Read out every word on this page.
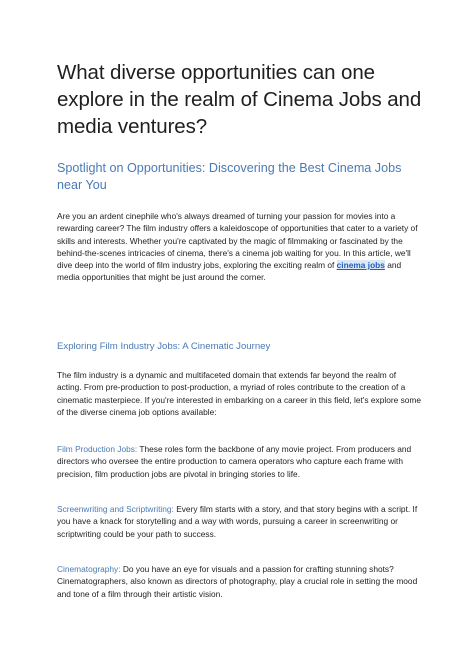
What diverse opportunities can one explore in the realm of Cinema Jobs and media ventures?
Spotlight on Opportunities: Discovering the Best Cinema Jobs near You

Are you an ardent cinephile who's always dreamed of turning your passion for movies into a rewarding career? The film industry offers a kaleidoscope of opportunities that cater to a variety of skills and interests. Whether you're captivated by the magic of filmmaking or fascinated by the behind-the-scenes intricacies of cinema, there's a cinema job waiting for you. In this article, we'll dive deep into the world of film industry jobs, exploring the exciting realm of cinema jobs and media opportunities that might be just around the corner.

Exploring Film Industry Jobs: A Cinematic Journey

The film industry is a dynamic and multifaceted domain that extends far beyond the realm of acting. From pre-production to post-production, a myriad of roles contribute to the creation of a cinematic masterpiece. If you're interested in embarking on a career in this field, let's explore some of the diverse cinema job options available:

Film Production Jobs: These roles form the backbone of any movie project. From producers and directors who oversee the entire production to camera operators who capture each frame with precision, film production jobs are pivotal in bringing stories to life.

Screenwriting and Scriptwriting: Every film starts with a story, and that story begins with a script. If you have a knack for storytelling and a way with words, pursuing a career in screenwriting or scriptwriting could be your path to success.

Cinematography: Do you have an eye for visuals and a passion for crafting stunning shots? Cinematographers, also known as directors of photography, play a crucial role in setting the mood and tone of a film through their artistic vision.
